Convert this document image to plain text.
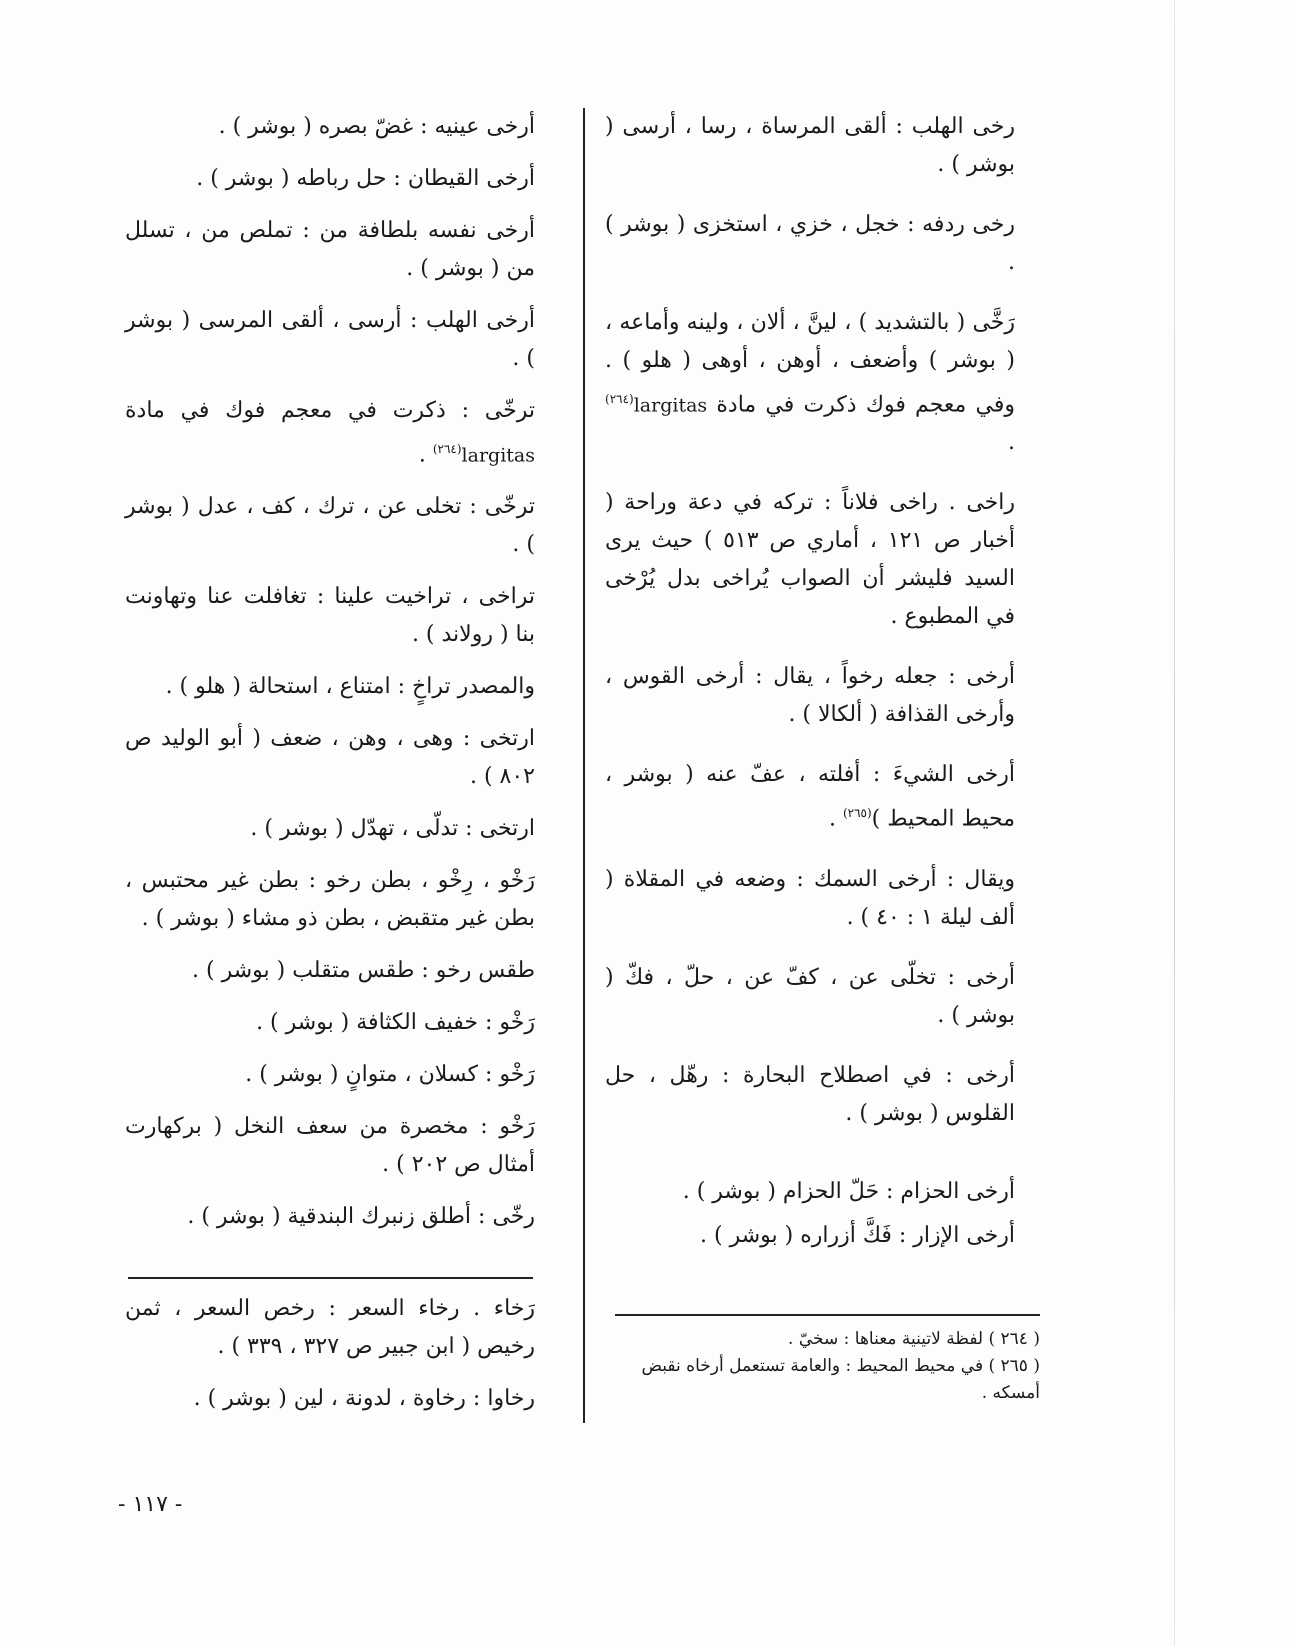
رخى الهلب : ألقى المرساة ، رسا ، أرسى ( بوشر ) .

رخى ردفه : خجل ، خزي ، استخزى ( بوشر ) .

رَخَّى ( بالتشديد ) ، لينَّ ، ألان ، ولينه وأماعه ، ( بوشر ) وأضعف ، أوهن ، أوهى ( هلو ) . وفي معجم فوك ذكرت في مادة largitas$^{(٢٦٤)}$ .

راخى . راخى فلاناً : تركه في دعة وراحة ( أخبار ص ١٢١ ، أماري ص ٥١٣ ) حيث يرى السيد فليشر أن الصواب يُراخى بدل يُرْخى في المطبوع .

أرخى : جعله رخواً ، يقال : أرخى القوس ، وأرخى القذافة ( ألكالا ) .

أرخى الشيءَ : أفلته ، عفّ عنه ( بوشر ، محيط المحيط )$^{(٢٦٥)}$ .

ويقال : أرخى السمك : وضعه في المقلاة ( ألف ليلة ١ : ٤٠ ) .

أرخى : تخلّى عن ، كفّ عن ، حلّ ، فكّ ( بوشر ) .

أرخى : في اصطلاح البحارة : رهّل ، حل القلوس ( بوشر ) .

أرخى الحزام : حَلّ الحزام ( بوشر ) .

أرخى الإزار : فَكَّ أزراره ( بوشر ) .

أرخى عينيه : غضّ بصره ( بوشر ) .

أرخى القيطان : حل رباطه ( بوشر ) .

أرخى نفسه بلطافة من : تملص من ، تسلل من ( بوشر ) .

أرخى الهلب : أرسى ، ألقى المرسى ( بوشر ) .

ترخّى : ذكرت في معجم فوك في مادة largitas$^{(٢٦٤)}$ .

ترخّى : تخلى عن ، ترك ، كف ، عدل ( بوشر ) .

تراخى ، تراخيت علينا : تغافلت عنا وتهاونت بنا ( رولاند ) .

والمصدر تراخٍ : امتناع ، استحالة ( هلو ) .

ارتخى : وهى ، وهن ، ضعف ( أبو الوليد ص ٨٠٢ ) .

ارتخى : تدلّى ، تهدّل ( بوشر ) .

رَخْو ، رِخْو ، بطن رخو : بطن غير محتبس ، بطن غير متقبض ، بطن ذو مشاء ( بوشر ) .

طقس رخو : طقس متقلب ( بوشر ) .

رَخْو : خفيف الكثافة ( بوشر ) .

رَخْو : كسلان ، متوانٍ ( بوشر ) .

رَخْو : مخصرة من سعف النخل ( بركهارت أمثال ص ٢٠٢ ) .

رخّى : أطلق زنبرك البندقية ( بوشر ) .

رَخاء . رخاء السعر : رخص السعر ، ثمن رخيص ( ابن جبير ص ٣٢٧ ، ٣٣٩ ) .

رخاوا : رخاوة ، لدونة ، لين ( بوشر ) .

( ٢٦٤ ) لفظة لاتينية معناها : سخيّ .

( ٢٦٥ ) في محيط المحيط : والعامة تستعمل أرخاه نقبض أمسكه .

- ١١٧ -
